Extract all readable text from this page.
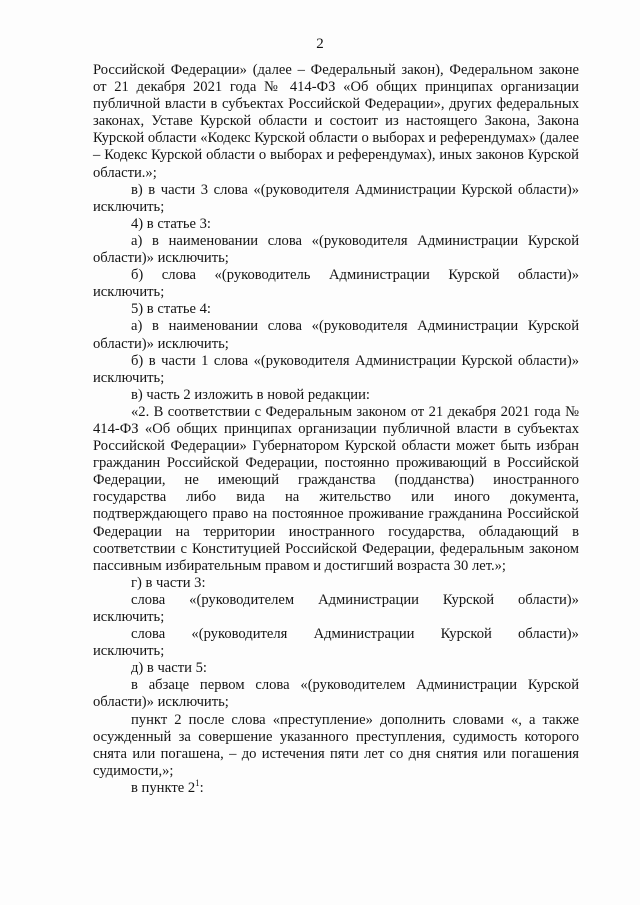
2

Российской Федерации» (далее – Федеральный закон), Федеральном законе от 21 декабря 2021 года № 414-ФЗ «Об общих принципах организации публичной власти в субъектах Российской Федерации», других федеральных законах, Уставе Курской области и состоит из настоящего Закона, Закона Курской области «Кодекс Курской области о выборах и референдумах» (далее – Кодекс Курской области о выборах и референдумах), иных законов Курской области.»;

в) в части 3 слова «(руководителя Администрации Курской области)» исключить;

4) в статье 3:

а) в наименовании слова «(руководителя Администрации Курской области)» исключить;

б) слова «(руководитель Администрации Курской области)» исключить;

5) в статье 4:

а) в наименовании слова «(руководителя Администрации Курской области)» исключить;

б) в части 1 слова «(руководителя Администрации Курской области)» исключить;

в) часть 2 изложить в новой редакции:

«2. В соответствии с Федеральным законом от 21 декабря 2021 года № 414-ФЗ «Об общих принципах организации публичной власти в субъектах Российской Федерации» Губернатором Курской области может быть избран гражданин Российской Федерации, постоянно проживающий в Российской Федерации, не имеющий гражданства (подданства) иностранного государства либо вида на жительство или иного документа, подтверждающего право на постоянное проживание гражданина Российской Федерации на территории иностранного государства, обладающий в соответствии с Конституцией Российской Федерации, федеральным законом пассивным избирательным правом и достигший возраста 30 лет.»;

г) в части 3:

слова «(руководителем Администрации Курской области)»

исключить;

слова «(руководителя Администрации Курской области)»

исключить;

д) в части 5:

в абзаце первом слова «(руководителем Администрации Курской области)» исключить;

пункт 2 после слова «преступление» дополнить словами «, а также осужденный за совершение указанного преступления, судимость которого снята или погашена, – до истечения пяти лет со дня снятия или погашения судимости,»;

в пункте $2^1$:
